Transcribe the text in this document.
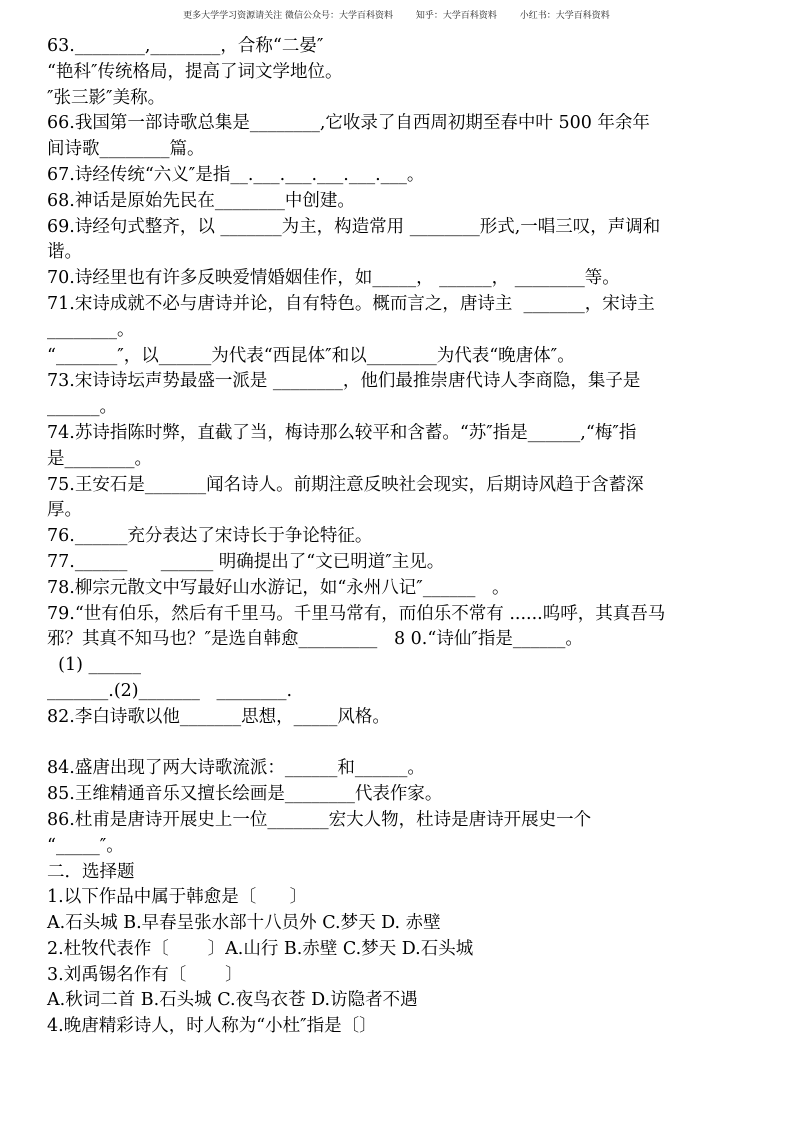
更多大学学习资源请关注 微信公众号：大学百科资料        知乎：大学百科资料        小红书：大学百科资料
63.________,________，合称“二晏″
“艳科″传统格局，提高了词文学地位。
″张三影″美称。
66.我国第一部诗歌总集是________,它收录了自西周初期至春中叶 500 年余年
间诗歌________篇。
67.诗经传统“六义″是指__.___.___.___.___.___。
68.神话是原始先民在________中创建。
69.诗经句式整齐，以 _______为主，构造常用 ________形式,一唱三叹，声调和
谐。
70.诗经里也有许多反映爱情婚姻佳作，如_____， ______， ________等。
71.宋诗成就不必与唐诗并论，自有特色。概而言之，唐诗主  _______，宋诗主
________。
“_______″，以______为代表“西昆体″和以________为代表“晚唐体″。
73.宋诗诗坛声势最盛一派是 ________，他们最推崇唐代诗人李商隐，集子是
______。
74.苏诗指陈时弊，直截了当，梅诗那么较平和含蓄。“苏″指是______,“梅″指
是________。
75.王安石是_______闻名诗人。前期注意反映社会现实，后期诗风趋于含蓄深
厚。
76.______充分表达了宋诗长于争论特征。
77.______      ______ 明确提出了“文已明道″主见。
78.柳宗元散文中写最好山水游记，如“永州八记″______   。
79.“世有伯乐，然后有千里马。千里马常有，而伯乐不常有 ......呜呼，其真吾马
邪？其真不知马也？″是选自韩愈_________   8 0.“诗仙″指是______。
(1) ______
_______.(2)_______   ________.
82.李白诗歌以他_______思想，_____风格。
84.盛唐出现了两大诗歌流派：______和______。
85.王维精通音乐又擅长绘画是________代表作家。
86.杜甫是唐诗开展史上一位_______宏大人物，杜诗是唐诗开展史一个
“_____″。
二．选择题
1.以下作品中属于韩愈是〔      〕
A.石头城 B.早春呈张水部十八员外 C.梦天 D. 赤壁
2.杜牧代表作〔       〕A.山行 B.赤壁 C.梦天 D.石头城
3.刘禹锡名作有〔       〕
A.秋词二首 B.石头城 C.夜鸟衣苍 D.访隐者不遇
4.晚唐精彩诗人，时人称为“小杜″指是〔〕
